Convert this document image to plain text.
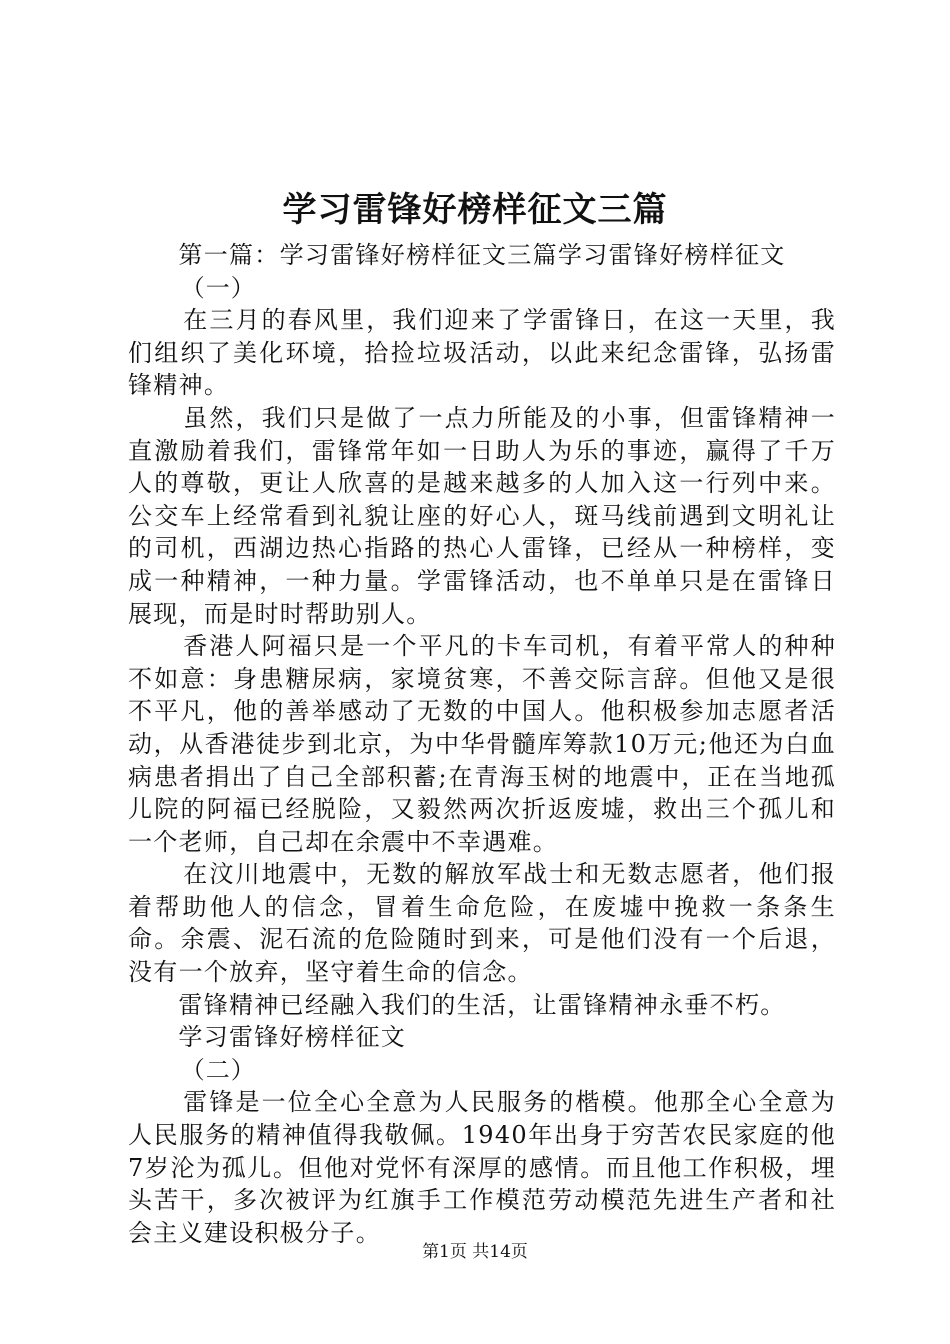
学习雷锋好榜样征文三篇

第一篇：学习雷锋好榜样征文三篇学习雷锋好榜样征文

（一）

在三月的春风里，我们迎来了学雷锋日，在这一天里，我们组织了美化环境，拾捡垃圾活动，以此来纪念雷锋，弘扬雷锋精神。

虽然，我们只是做了一点力所能及的小事，但雷锋精神一直激励着我们，雷锋常年如一日助人为乐的事迹，赢得了千万人的尊敬，更让人欣喜的是越来越多的人加入这一行列中来。公交车上经常看到礼貌让座的好心人，斑马线前遇到文明礼让的司机，西湖边热心指路的热心人雷锋，已经从一种榜样，变成一种精神，一种力量。学雷锋活动，也不单单只是在雷锋日展现，而是时时帮助别人。

香港人阿福只是一个平凡的卡车司机，有着平常人的种种不如意：身患糖尿病，家境贫寒，不善交际言辞。但他又是很不平凡，他的善举感动了无数的中国人。他积极参加志愿者活动，从香港徒步到北京，为中华骨髓库筹款10万元;他还为白血病患者捐出了自己全部积蓄;在青海玉树的地震中，正在当地孤儿院的阿福已经脱险，又毅然两次折返废墟，救出三个孤儿和一个老师，自己却在余震中不幸遇难。

在汶川地震中，无数的解放军战士和无数志愿者，他们报着帮助他人的信念，冒着生命危险，在废墟中挽救一条条生命。余震、泥石流的危险随时到来，可是他们没有一个后退，没有一个放弃，坚守着生命的信念。

雷锋精神已经融入我们的生活，让雷锋精神永垂不朽。

学习雷锋好榜样征文

（二）

雷锋是一位全心全意为人民服务的楷模。他那全心全意为人民服务的精神值得我敬佩。1940年出身于穷苦农民家庭的他7岁沦为孤儿。但他对党怀有深厚的感情。而且他工作积极，埋头苦干，多次被评为红旗手工作模范劳动模范先进生产者和社会主义建设积极分子。

第1页 共14页
